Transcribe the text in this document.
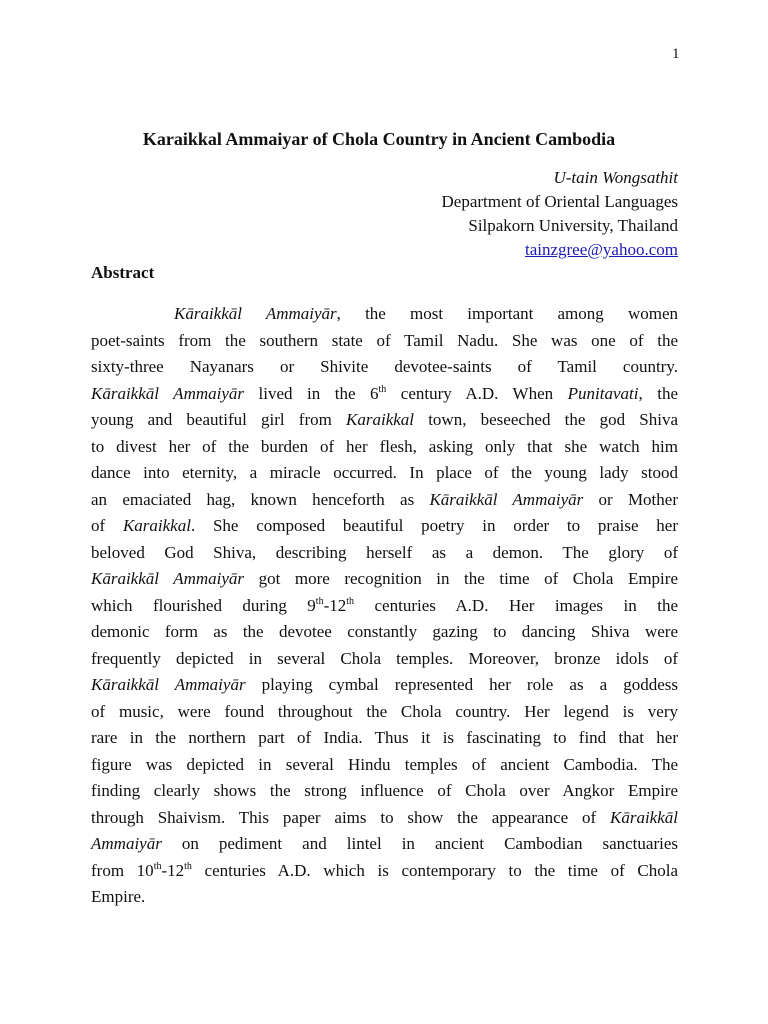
1
Karaikkal Ammaiyar of Chola Country in Ancient Cambodia
U-tain Wongsathit
Department of Oriental Languages
Silpakorn University, Thailand
tainzgree@yahoo.com
Abstract
Kāraikkāl Ammaiyār, the most important among women
poet-saints from the southern state of Tamil Nadu. She was one of the
sixty-three Nayanars or Shivite devotee-saints of Tamil country.
Kāraikkāl Ammaiyār lived in the 6th century A.D. When Punitavati, the
young and beautiful girl from Karaikkal town, beseeched the god Shiva
to divest her of the burden of her flesh, asking only that she watch him
dance into eternity, a miracle occurred. In place of the young lady stood
an emaciated hag, known henceforth as Kāraikkāl Ammaiyār or Mother
of Karaikkal. She composed beautiful poetry in order to praise her
beloved God Shiva, describing herself as a demon. The glory of
Kāraikkāl Ammaiyār got more recognition in the time of Chola Empire
which flourished during 9th-12th centuries A.D. Her images in the
demonic form as the devotee constantly gazing to dancing Shiva were
frequently depicted in several Chola temples. Moreover, bronze idols of
Kāraikkāl Ammaiyār playing cymbal represented her role as a goddess
of music, were found throughout the Chola country. Her legend is very
rare in the northern part of India. Thus it is fascinating to find that her
figure was depicted in several Hindu temples of ancient Cambodia. The
finding clearly shows the strong influence of Chola over Angkor Empire
through Shaivism. This paper aims to show the appearance of Kāraikkāl
Ammaiyār on pediment and lintel in ancient Cambodian sanctuaries
from 10th-12th centuries A.D. which is contemporary to the time of Chola
Empire.
